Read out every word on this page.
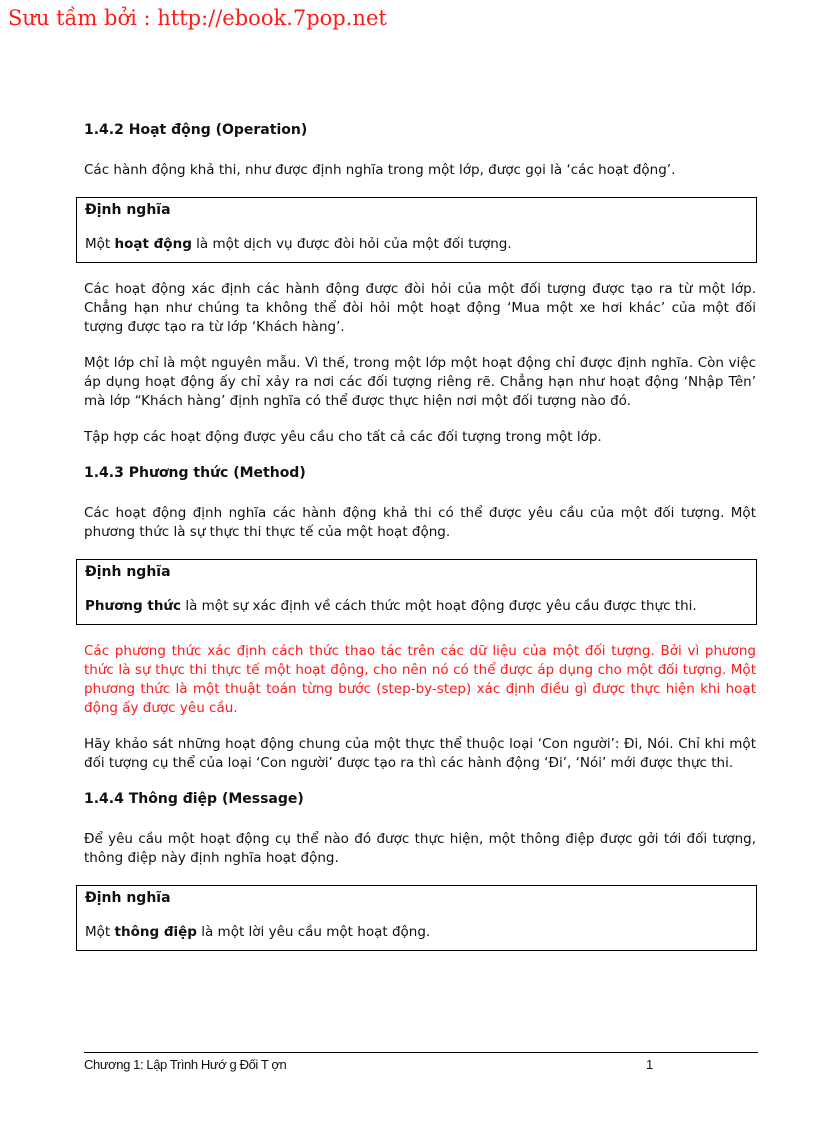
Sưu tầm bởi : http://ebook.7pop.net
1.4.2 Hoạt động (Operation)

Các hành động khả thi, như được định nghĩa trong một lớp, được gọi là ‘các hoạt động’.

Định nghĩa
Một hoạt động là một dịch vụ được đòi hỏi của một đối tượng.

Các hoạt động xác định các hành động được đòi hỏi của một đối tượng được tạo ra từ một lớp. Chẳng hạn như chúng ta không thể đòi hỏi một hoạt động ‘Mua một xe hơi khác’ của một đối tượng được tạo ra từ lớp ‘Khách hàng’.

Một lớp chỉ là một nguyên mẫu. Vì thế, trong một lớp một hoạt động chỉ được định nghĩa. Còn việc áp dụng hoạt động ấy chỉ xảy ra nơi các đối tượng riêng rẽ. Chẳng hạn như hoạt động ‘Nhập Tên’ mà lớp “Khách hàng’ định nghĩa có thể được thực hiện nơi một đối tượng nào đó.

Tập hợp các hoạt động được yêu cầu cho tất cả các đối tượng trong một lớp.

1.4.3 Phương thức (Method)

Các hoạt động định nghĩa các hành động khả thi có thể được yêu cầu của một đối tượng. Một phương thức là sự thực thi thực tế của một hoạt động.

Định nghĩa
Phương thức là một sự xác định về cách thức một hoạt động được yêu cầu được thực thi.

Các phương thức xác định cách thức thao tác trên các dữ liệu của một đối tượng. Bởi vì phương thức là sự thực thi thực tế một hoạt động, cho nên nó có thể được áp dụng cho một đối tượng. Một phương thức là một thuật toán từng bước (step-by-step) xác định điều gì được thực hiện khi hoạt động ấy được yêu cầu.

Hãy khảo sát những hoạt động chung của một thực thể thuộc loại ‘Con người’: Đi, Nói. Chỉ khi một đối tượng cụ thể của loại ‘Con người’ được tạo ra thì các hành động ‘Đi’, ‘Nói’ mới được thực thi.

1.4.4 Thông điệp (Message)

Để yêu cầu một hoạt động cụ thể nào đó được thực hiện, một thông điệp được gởi tới đối tượng, thông điệp này định nghĩa hoạt động.

Định nghĩa
Một thông điệp là một lời yêu cầu một hoạt động.
Chương 1: Lập Trình Hướ g Đối T ợn	1
